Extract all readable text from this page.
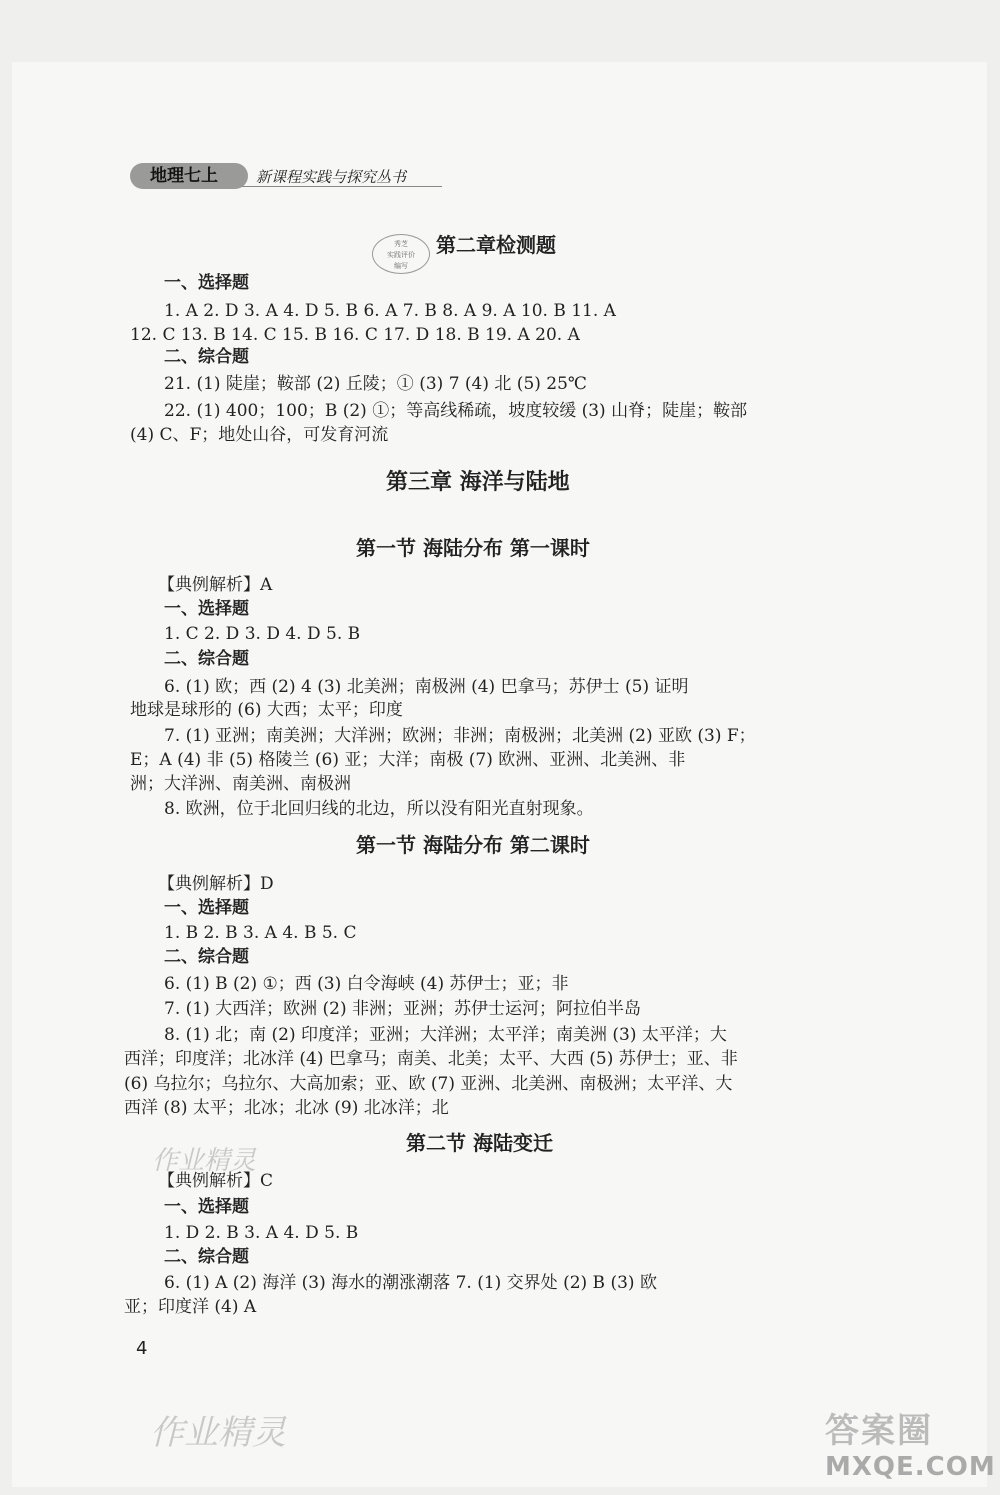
地理七上	新课程实践与探究丛书
秀芝
实践评价
编写
第二章检测题
一、选择题
1. A 2. D 3. A 4. D 5. B 6. A 7. B 8. A 9. A 10. B 11. A
12. C 13. B 14. C 15. B 16. C 17. D 18. B 19. A 20. A
二、综合题
21. (1) 陡崖；鞍部 (2) 丘陵；① (3) 7 (4) 北 (5) 25℃
22. (1) 400；100；B (2) ①；等高线稀疏，坡度较缓 (3) 山脊；陡崖；鞍部
(4) C、F；地处山谷，可发育河流
第三章 海洋与陆地
第一节 海陆分布 第一课时
【典例解析】A
一、选择题
1. C 2. D 3. D 4. D 5. B
二、综合题
6. (1) 欧；西 (2) 4 (3) 北美洲；南极洲 (4) 巴拿马；苏伊士 (5) 证明
地球是球形的 (6) 大西；太平；印度
7. (1) 亚洲；南美洲；大洋洲；欧洲；非洲；南极洲；北美洲 (2) 亚欧 (3) F；
E；A (4) 非 (5) 格陵兰 (6) 亚；大洋；南极 (7) 欧洲、亚洲、北美洲、非
洲；大洋洲、南美洲、南极洲
8. 欧洲，位于北回归线的北边，所以没有阳光直射现象。
第一节 海陆分布 第二课时
【典例解析】D
一、选择题
1. B 2. B 3. A 4. B 5. C
二、综合题
6. (1) B (2) ①；西 (3) 白令海峡 (4) 苏伊士；亚；非
7. (1) 大西洋；欧洲 (2) 非洲；亚洲；苏伊士运河；阿拉伯半岛
8. (1) 北；南 (2) 印度洋；亚洲；大洋洲；太平洋；南美洲 (3) 太平洋；大
西洋；印度洋；北冰洋 (4) 巴拿马；南美、北美；太平、大西 (5) 苏伊士；亚、非
(6) 乌拉尔；乌拉尔、大高加索；亚、欧 (7) 亚洲、北美洲、南极洲；太平洋、大
西洋 (8) 太平；北冰；北冰 (9) 北冰洋；北
第二节 海陆变迁
作业精灵
【典例解析】C
一、选择题
1. D 2. B 3. A 4. D 5. B
二、综合题
6. (1) A (2) 海洋 (3) 海水的潮涨潮落 7. (1) 交界处 (2) B (3) 欧
亚；印度洋 (4) A
4
作业精灵	答案圈
MXQE.COM
